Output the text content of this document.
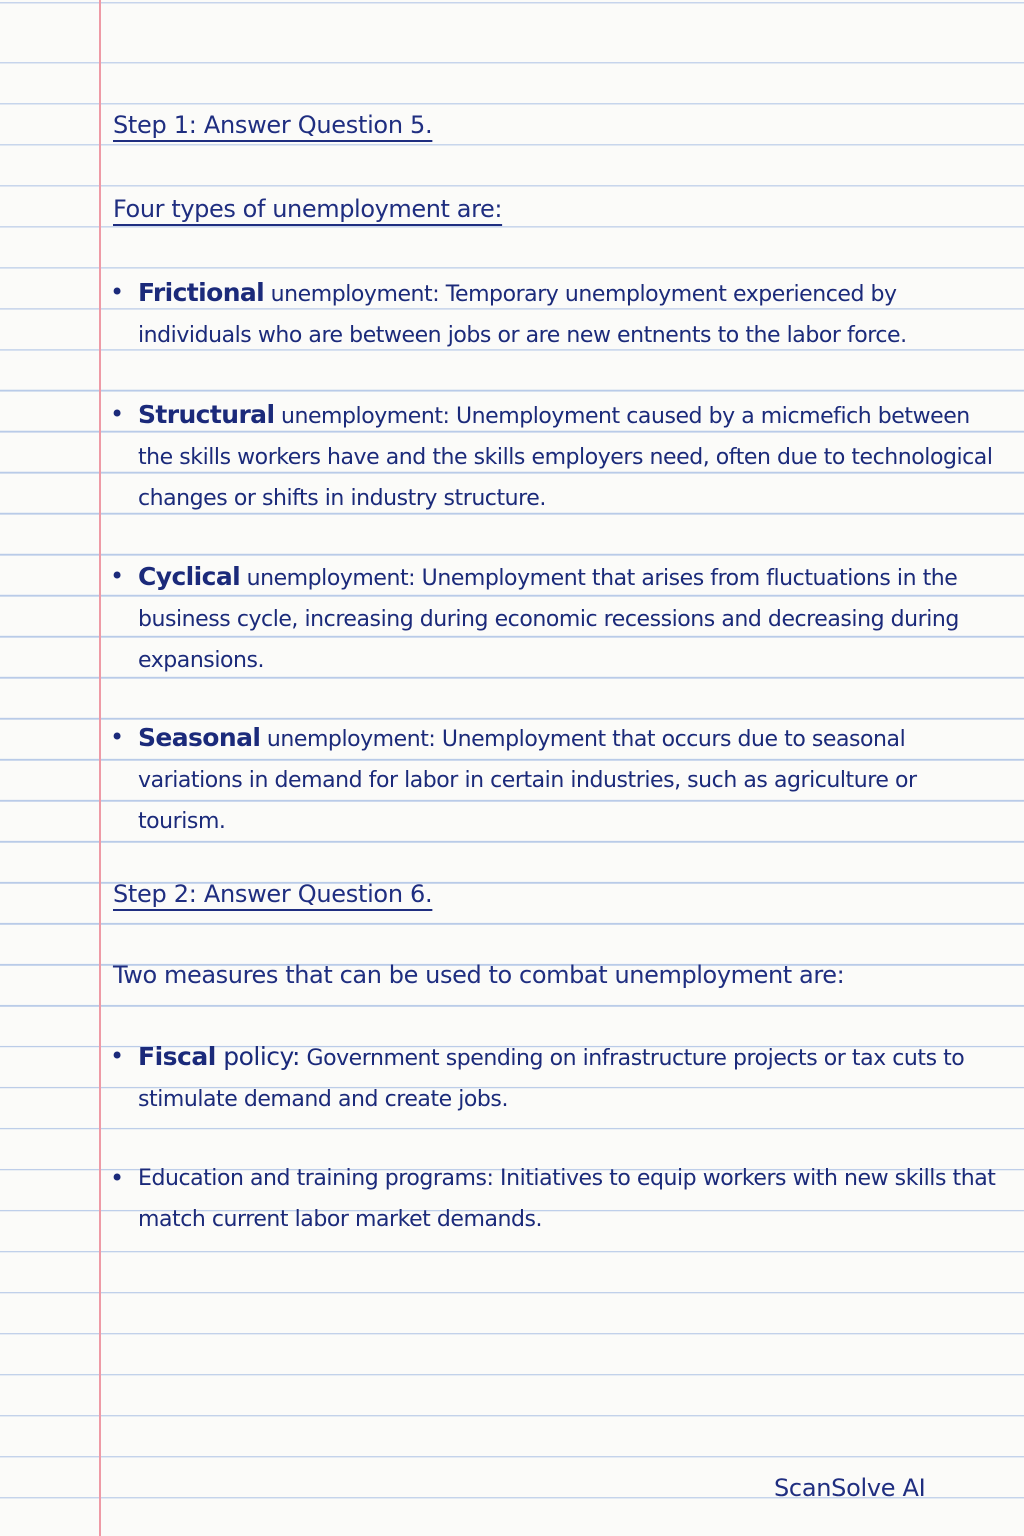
Step 1: Answer Question 5.
Four types of unemployment are:
• Frictional unemployment: Temporary unemployment experienced by individuals who are between jobs or are new entnents to the labor force.
• Structural unemployment: Unemployment caused by a micmefich between the skills workers have and the skills employers need, often due to technological changes or shifts in industry structure.
• Cyclical unemployment: Unemployment that arises from fluctuations in the business cycle, increasing during economic recessions and decreasing during expansions.
• Seasonal unemployment: Unemployment that occurs due to seasonal variations in demand for labor in certain industries, such as agriculture or tourism.
Step 2: Answer Question 6.
Two measures that can be used to combat unemployment are:
• Fiscal policy: Government spending on infrastructure projects or tax cuts to stimulate demand and create jobs.
• Education and training programs: Initiatives to equip workers with new skills that match current labor market demands.
ScanSolve AI
